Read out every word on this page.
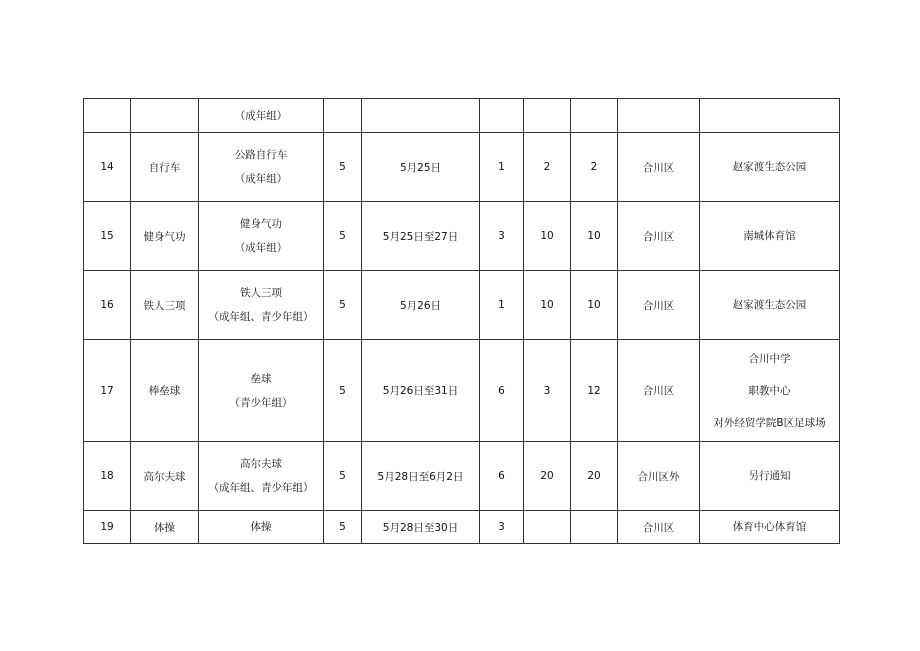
		（成年组）							

14	自行车	公路自行车
（成年组）	5	5月25日	1	2	2	合川区	赵家渡生态公园

15	健身气功	健身气功
（成年组）	5	5月25日至27日	3	10	10	合川区	南城体育馆

16	铁人三项	铁人三项
（成年组、青少年组）	5	5月26日	1	10	10	合川区	赵家渡生态公园

17	棒垒球	垒球
（青少年组）	5	5月26日至31日	6	3	12	合川区	合川中学
职教中心
对外经贸学院B区足球场

18	高尔夫球	高尔夫球
（成年组、青少年组）	5	5月28日至6月2日	6	20	20	合川区外	另行通知

19	体操	体操	5	5月28日至30日	3			合川区	体育中心体育馆
